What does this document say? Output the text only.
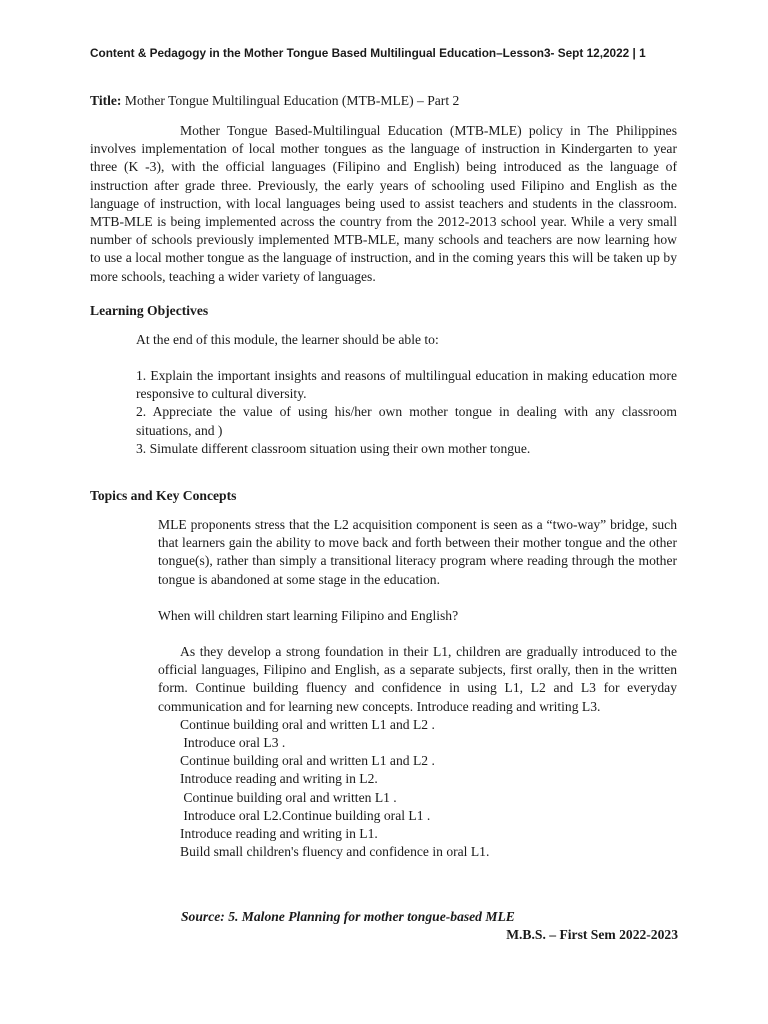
Content & Pedagogy in the Mother Tongue Based Multilingual Education–Lesson3- Sept 12,2022 | 1
Title: Mother Tongue Multilingual Education (MTB-MLE) – Part 2

Mother Tongue Based-Multilingual Education (MTB-MLE) policy in The Philippines involves implementation of local mother tongues as the language of instruction in Kindergarten to year three (K -3), with the official languages (Filipino and English) being introduced as the language of instruction after grade three. Previously, the early years of schooling used Filipino and English as the language of instruction, with local languages being used to assist teachers and students in the classroom. MTB-MLE is being implemented across the country from the 2012-2013 school year. While a very small number of schools previously implemented MTB-MLE, many schools and teachers are now learning how to use a local mother tongue as the language of instruction, and in the coming years this will be taken up by more schools, teaching a wider variety of languages.

Learning Objectives

At the end of this module, the learner should be able to:

1. Explain the important insights and reasons of multilingual education in making education more responsive to cultural diversity.
2. Appreciate the value of using his/her own mother tongue in dealing with any classroom situations, and )
3. Simulate different classroom situation using their own mother tongue.

Topics and Key Concepts

MLE proponents stress that the L2 acquisition component is seen as a “two-way” bridge, such that learners gain the ability to move back and forth between their mother tongue and the other tongue(s), rather than simply a transitional literacy program where reading through the mother tongue is abandoned at some stage in the education.

When will children start learning Filipino and English?

As they develop a strong foundation in their L1, children are gradually introduced to the official languages, Filipino and English, as a separate subjects, first orally, then in the written form. Continue building fluency and confidence in using L1, L2 and L3 for everyday communication and for learning new concepts. Introduce reading and writing L3.

Continue building oral and written L1 and L2 .
Introduce oral L3 .
Continue building oral and written L1 and L2 .
Introduce reading and writing in L2.
Continue building oral and written L1 .
Introduce oral L2.Continue building oral L1 .
Introduce reading and writing in L1.
Build small children's fluency and confidence in oral L1.

Source: 5. Malone Planning for mother tongue-based MLE

M.B.S. – First Sem 2022-2023
